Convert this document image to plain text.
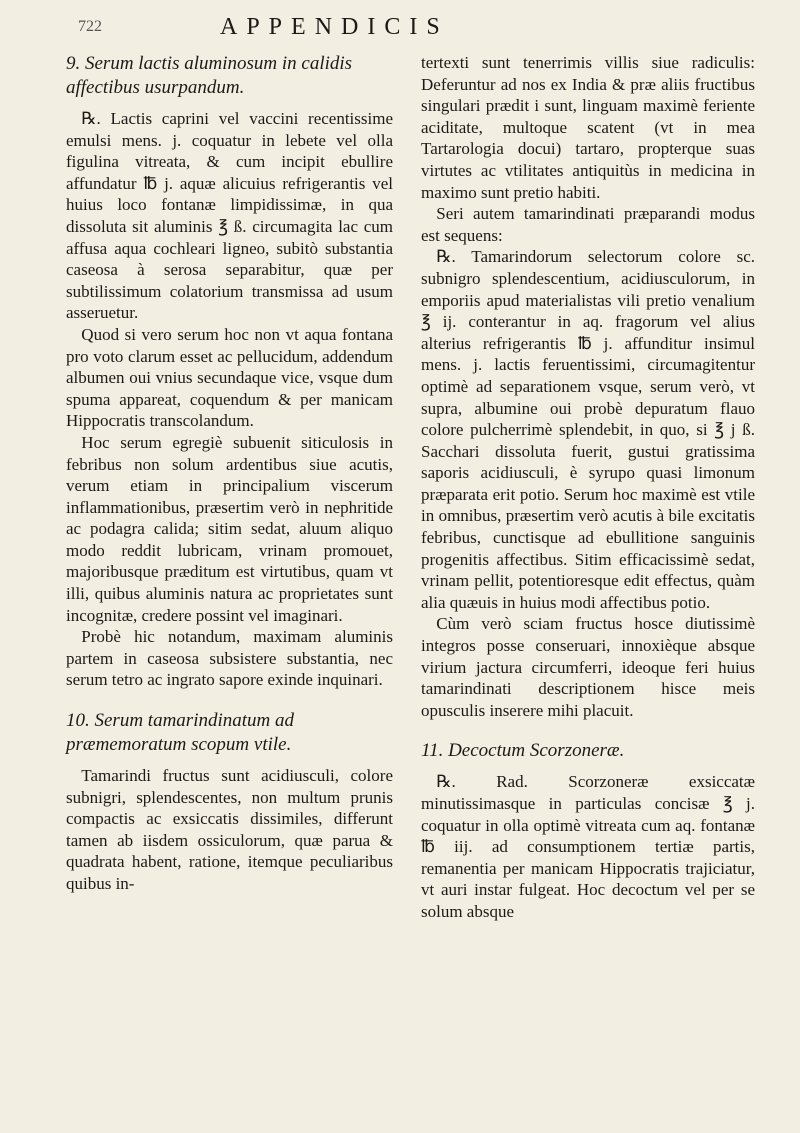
722	APPENDICIS
9. Serum lactis aluminosum in calidis affectibus usurpandum.

℞. Lactis caprini vel vaccini recentissime emulsi mens. j. coquatur in lebete vel olla figulina vitreata, & cum incipit ebullire affundatur ℔ j. aquæ alicuius refrigerantis vel huius loco fontanæ limpidissimæ, in qua dissoluta sit aluminis ℥ ß. circumagita lac cum affusa aqua cochleari ligneo, subitò substantia caseosa à serosa separabitur, quæ per subtilissimum colatorium transmissa ad usum asseruetur.

Quod si vero serum hoc non vt aqua fontana pro voto clarum esset ac pellucidum, addendum albumen oui vnius secundaque vice, vsque dum spuma appareat, coquendum & per manicam Hippocratis transcolandum.

Hoc serum egregiè subuenit siticulosis in febribus non solum ardentibus siue acutis, verum etiam in principalium viscerum inflammationibus, præsertim verò in nephritide ac podagra calida; sitim sedat, aluum aliquo modo reddit lubricam, vrinam promouet, majoribusque præditum est virtutibus, quam vt illi, quibus aluminis natura ac proprietates sunt incognitæ, credere possint vel imaginari.

Probè hic notandum, maximam aluminis partem in caseosa subsistere substantia, nec serum tetro ac ingrato sapore exinde inquinari.

10. Serum tamarindinatum ad præmemoratum scopum vtile.

Tamarindi fructus sunt acidiusculi, colore subnigri, splendescentes, non multum prunis compactis ac exsiccatis dissimiles, differunt tamen ab iisdem ossiculorum, quæ parua & quadrata habent, ratione, itemque peculiaribus quibus in-

tertexti sunt tenerrimis villis siue radiculis: Deferuntur ad nos ex India & præ aliis fructibus singulari prædit i sunt, linguam maximè feriente aciditate, multoque scatent (vt in mea Tartarologia docui) tartaro, propterque suas virtutes ac vtilitates antiquitùs in medicina in maximo sunt pretio habiti.

Seri autem tamarindinati præparandi modus est sequens:

℞. Tamarindorum selectorum colore sc. subnigro splendescentium, acidiusculorum, in emporiis apud materialistas vili pretio venalium ℥ ij. conterantur in aq. fragorum vel alius alterius refrigerantis ℔ j. affunditur insimul mens. j. lactis feruentissimi, circumagitentur optimè ad separationem vsque, serum verò, vt supra, albumine oui probè depuratum flauo colore pulcherrimè splendebit, in quo, si ℥ j ß. Sacchari dissoluta fuerit, gustui gratissima saporis acidiusculi, è syrupo quasi limonum præparata erit potio. Serum hoc maximè est vtile in omnibus, præsertim verò acutis à bile excitatis febribus, cunctisque ad ebullitione sanguinis progenitis affectibus. Sitim efficacissimè sedat, vrinam pellit, potentioresque edit effectus, quàm alia quæuis in huius modi affectibus potio.

Cùm verò sciam fructus hosce diutissimè integros posse conseruari, innoxièque absque virium jactura circumferri, ideoque feri huius tamarindinati descriptionem hisce meis opusculis inserere mihi placuit.

11. Decoctum Scorzoneræ.

℞. Rad. Scorzoneræ exsiccatæ minutissimasque in particulas concisæ ℥ j. coquatur in olla optimè vitreata cum aq. fontanæ ℔ iij. ad consumptionem tertiæ partis, remanentia per manicam Hippocratis trajiciatur, vt auri instar fulgeat. Hoc decoctum vel per se solum absque
